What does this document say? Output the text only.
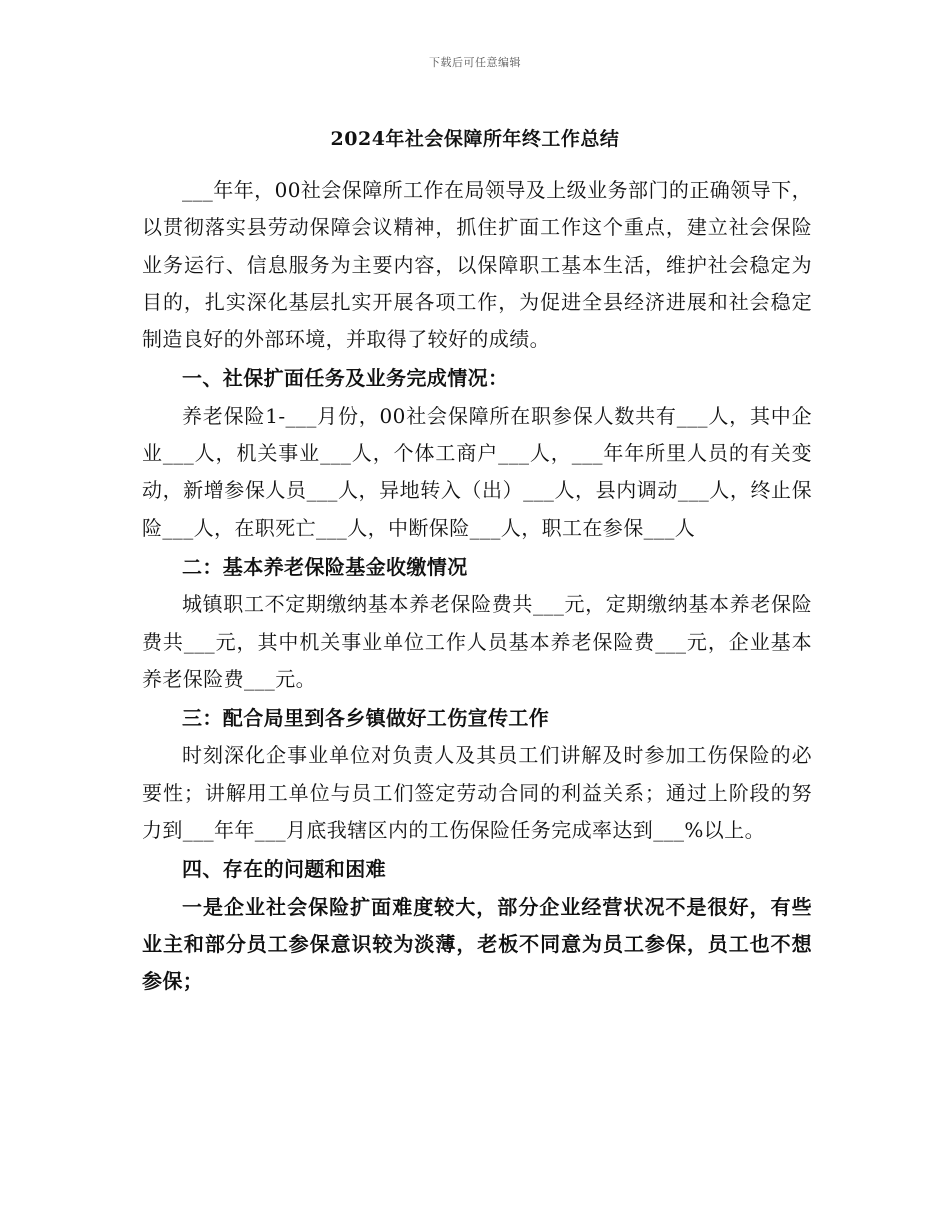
下载后可任意编辑
2024年社会保障所年终工作总结

___年年，00社会保障所工作在局领导及上级业务部门的正确领导下，以贯彻落实县劳动保障会议精神，抓住扩面工作这个重点，建立社会保险业务运行、信息服务为主要内容，以保障职工基本生活，维护社会稳定为目的，扎实深化基层扎实开展各项工作，为促进全县经济进展和社会稳定制造良好的外部环境，并取得了较好的成绩。

一、社保扩面任务及业务完成情况：

养老保险1-___月份，00社会保障所在职参保人数共有___人，其中企业___人，机关事业___人，个体工商户___人，___年年所里人员的有关变动，新增参保人员___人，异地转入（出）___人，县内调动___人，终止保险___人，在职死亡___人，中断保险___人，职工在参保___人

二：基本养老保险基金收缴情况

城镇职工不定期缴纳基本养老保险费共___元，定期缴纳基本养老保险费共___元，其中机关事业单位工作人员基本养老保险费___元，企业基本养老保险费___元。

三：配合局里到各乡镇做好工伤宣传工作

时刻深化企事业单位对负责人及其员工们讲解及时参加工伤保险的必要性；讲解用工单位与员工们签定劳动合同的利益关系；通过上阶段的努力到___年年___月底我辖区内的工伤保险任务完成率达到___%以上。

四、存在的问题和困难

一是企业社会保险扩面难度较大，部分企业经营状况不是很好，有些业主和部分员工参保意识较为淡薄，老板不同意为员工参保，员工也不想参保；
